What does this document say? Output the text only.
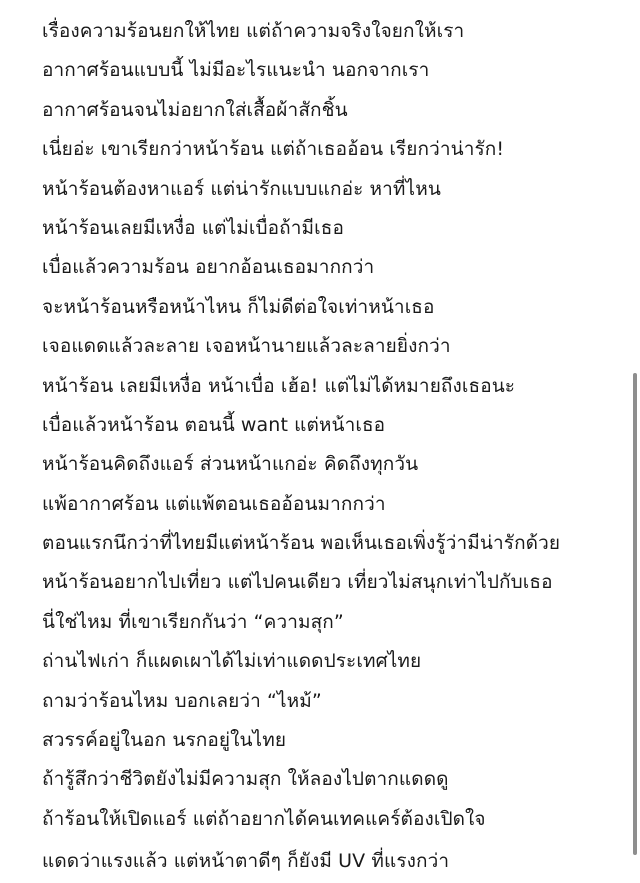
เรื่องความร้อนยกให้ไทย แต่ถ้าความจริงใจยกให้เรา
อากาศร้อนแบบนี้ ไม่มีอะไรแนะนำ นอกจากเรา
อากาศร้อนจนไม่อยากใส่เสื้อผ้าสักชิ้น
เนี่ยอ่ะ เขาเรียกว่าหน้าร้อน แต่ถ้าเธออ้อน เรียกว่าน่ารัก!
หน้าร้อนต้องหาแอร์ แต่น่ารักแบบแกอ่ะ หาที่ไหน
หน้าร้อนเลยมีเหงื่อ แต่ไม่เบื่อถ้ามีเธอ
เบื่อแล้วความร้อน อยากอ้อนเธอมากกว่า
จะหน้าร้อนหรือหน้าไหน ก็ไม่ดีต่อใจเท่าหน้าเธอ
เจอแดดแล้วละลาย เจอหน้านายแล้วละลายยิ่งกว่า
หน้าร้อน เลยมีเหงื่อ หน้าเบื่อ เฮ้อ! แต่ไม่ได้หมายถึงเธอนะ
เบื่อแล้วหน้าร้อน ตอนนี้ want แต่หน้าเธอ
หน้าร้อนคิดถึงแอร์ ส่วนหน้าแกอ่ะ คิดถึงทุกวัน
แพ้อากาศร้อน แต่แพ้ตอนเธออ้อนมากกว่า
ตอนแรกนึกว่าที่ไทยมีแต่หน้าร้อน พอเห็นเธอเพิ่งรู้ว่ามีน่ารักด้วย
หน้าร้อนอยากไปเที่ยว แต่ไปคนเดียว เที่ยวไม่สนุกเท่าไปกับเธอ
นี่ใช่ไหม ที่เขาเรียกกันว่า “ความสุก”
ถ่านไฟเก่า ก็แผดเผาได้ไม่เท่าแดดประเทศไทย
ถามว่าร้อนไหม บอกเลยว่า “ไหม้”
สวรรค์อยู่ในอก นรกอยู่ในไทย
ถ้ารู้สึกว่าชีวิตยังไม่มีความสุก ให้ลองไปตากแดดดู
ถ้าร้อนให้เปิดแอร์ แต่ถ้าอยากได้คนเทคแคร์ต้องเปิดใจ
แดดว่าแรงแล้ว แต่หน้าตาดีๆ ก็ยังมี UV ที่แรงกว่า
